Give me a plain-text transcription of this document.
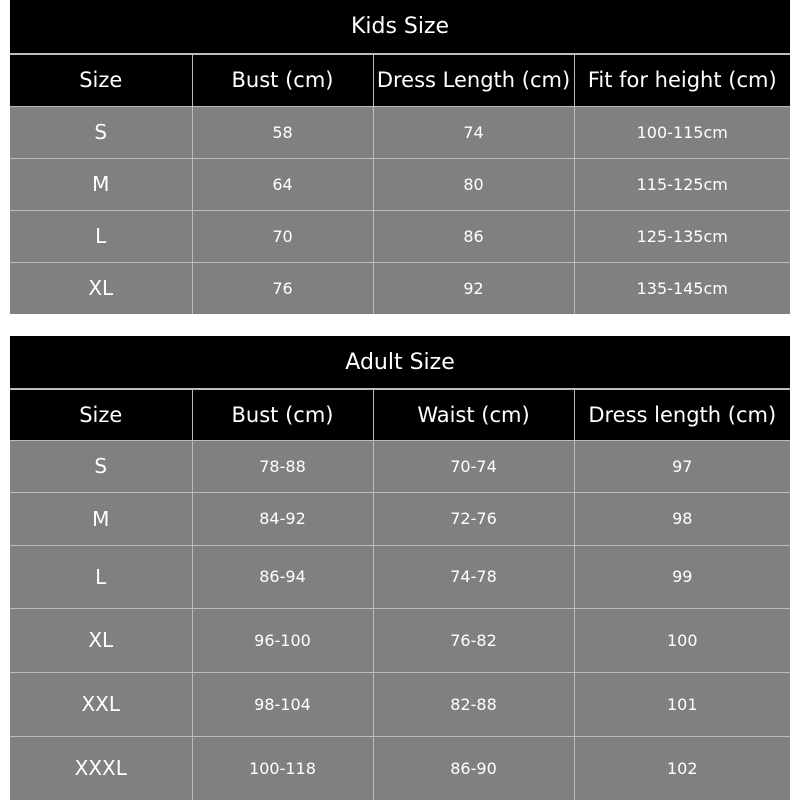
Kids Size			
Size	Bust (cm)	Dress Length (cm)	Fit for height (cm)
S	58	74	100-115cm
M	64	80	115-125cm
L	70	86	125-135cm
XL	76	92	135-145cm
Adult Size			
Size	Bust (cm)	Waist (cm)	Dress length (cm)
S	78-88	70-74	97
M	84-92	72-76	98
L	86-94	74-78	99
XL	96-100	76-82	100
XXL	98-104	82-88	101
XXXL	100-118	86-90	102
